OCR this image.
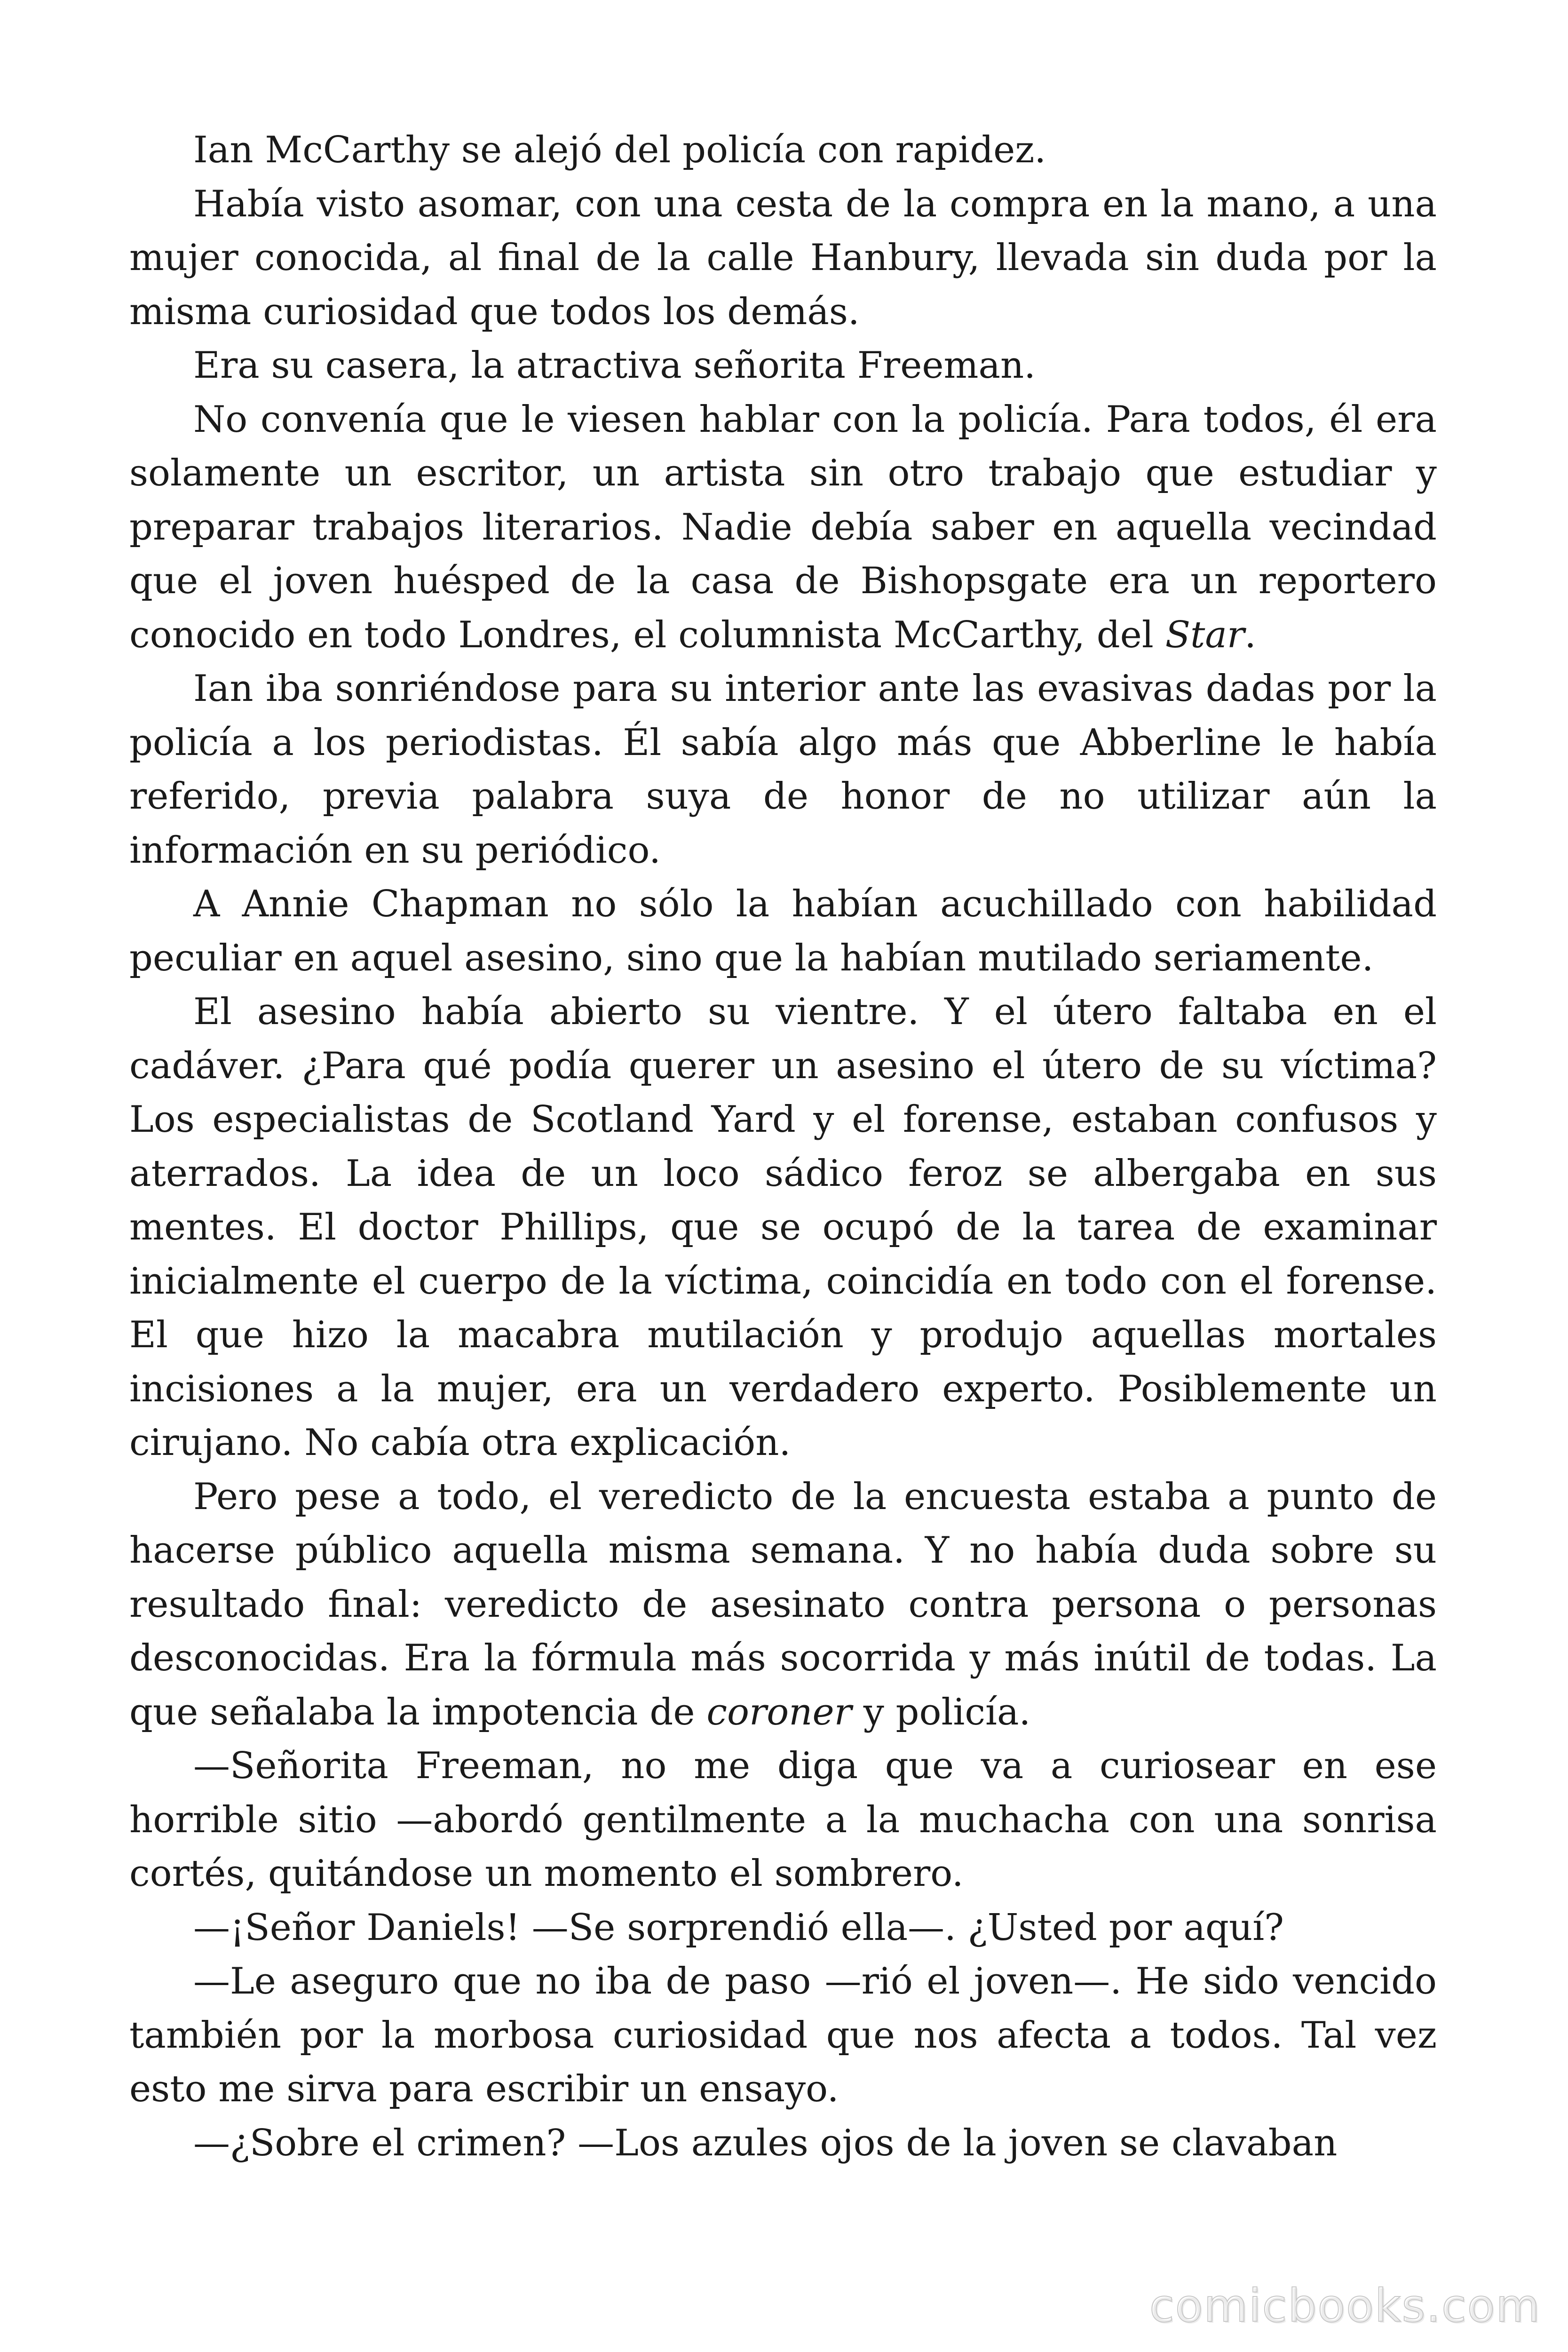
Ian McCarthy se alejó del policía con rapidez.

Había visto asomar, con una cesta de la compra en la mano, a una mujer conocida, al final de la calle Hanbury, llevada sin duda por la misma curiosidad que todos los demás.

Era su casera, la atractiva señorita Freeman.

No convenía que le viesen hablar con la policía. Para todos, él era solamente un escritor, un artista sin otro trabajo que estudiar y preparar trabajos literarios. Nadie debía saber en aquella vecindad que el joven huésped de la casa de Bishopsgate era un reportero conocido en todo Londres, el columnista McCarthy, del Star.

Ian iba sonriéndose para su interior ante las evasivas dadas por la policía a los periodistas. Él sabía algo más que Abberline le había referido, previa palabra suya de honor de no utilizar aún la información en su periódico.

A Annie Chapman no sólo la habían acuchillado con habilidad peculiar en aquel asesino, sino que la habían mutilado seriamente.

El asesino había abierto su vientre. Y el útero faltaba en el cadáver. ¿Para qué podía querer un asesino el útero de su víctima? Los especialistas de Scotland Yard y el forense, estaban confusos y aterrados. La idea de un loco sádico feroz se albergaba en sus mentes. El doctor Phillips, que se ocupó de la tarea de examinar inicialmente el cuerpo de la víctima, coincidía en todo con el forense. El que hizo la macabra mutilación y produjo aquellas mortales incisiones a la mujer, era un verdadero experto. Posiblemente un cirujano. No cabía otra explicación.

Pero pese a todo, el veredicto de la encuesta estaba a punto de hacerse público aquella misma semana. Y no había duda sobre su resultado final: veredicto de asesinato contra persona o personas desconocidas. Era la fórmula más socorrida y más inútil de todas. La que señalaba la impotencia de coroner y policía.

—Señorita Freeman, no me diga que va a curiosear en ese horrible sitio —abordó gentilmente a la muchacha con una sonrisa cortés, quitándose un momento el sombrero.

—¡Señor Daniels! —Se sorprendió ella—. ¿Usted por aquí?

—Le aseguro que no iba de paso —rió el joven—. He sido vencido también por la morbosa curiosidad que nos afecta a todos. Tal vez esto me sirva para escribir un ensayo.

—¿Sobre el crimen? —Los azules ojos de la joven se clavaban

comicbooks.com
